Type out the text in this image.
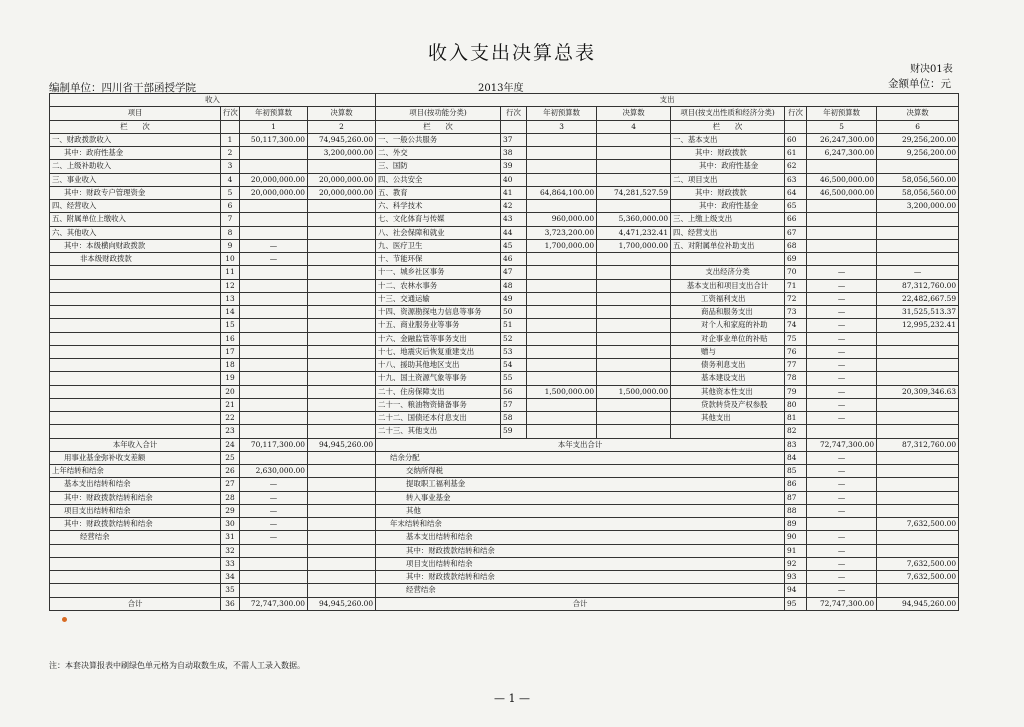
收入支出决算总表
财决01表
编制单位：四川省干部函授学院	2013年度	金额单位：元
收入				支出							
项目	行次	年初预算数	决算数	项目(按功能分类)	行次	年初预算数	决算数	项目(按支出性质和经济分类)	行次	年初预算数	决算数
栏　　次		1	2	栏　　次		3	4	栏　　次		5	6
一、财政拨款收入	1	50,117,300.00	74,945,260.00	一、一般公共服务	37			一、基本支出	60	26,247,300.00	29,256,200.00
其中：政府性基金	2		3,200,000.00	二、外交	38			其中：财政拨款	61	6,247,300.00	9,256,200.00
二、上级补助收入	3			三、国防	39			其中：政府性基金	62		
三、事业收入	4	20,000,000.00	20,000,000.00	四、公共安全	40			二、项目支出	63	46,500,000.00	58,056,560.00
其中：财政专户管理资金	5	20,000,000.00	20,000,000.00	五、教育	41	64,864,100.00	74,281,527.59	其中：财政拨款	64	46,500,000.00	58,056,560.00
四、经营收入	6			六、科学技术	42			其中：政府性基金	65		3,200,000.00
五、附属单位上缴收入	7			七、文化体育与传媒	43	960,000.00	5,360,000.00	三、上缴上级支出	66		
六、其他收入	8			八、社会保障和就业	44	3,723,200.00	4,471,232.41	四、经营支出	67		
其中：本级横向财政拨款	9	—		九、医疗卫生	45	1,700,000.00	1,700,000.00	五、对附属单位补助支出	68		
非本级财政拨款	10	—		十、节能环保	46				69		
	11			十一、城乡社区事务	47			支出经济分类	70	—	—
	12			十二、农林水事务	48			基本支出和项目支出合计	71	—	87,312,760.00
	13			十三、交通运输	49			工资福利支出	72	—	22,482,667.59
	14			十四、资源勘探电力信息等事务	50			商品和服务支出	73	—	31,525,513.37
	15			十五、商业服务业等事务	51			对个人和家庭的补助	74	—	12,995,232.41
	16			十六、金融监管等事务支出	52			对企事业单位的补贴	75	—	
	17			十七、地震灾后恢复重建支出	53			赠与	76	—	
	18			十八、援助其他地区支出	54			债务利息支出	77	—	
	19			十九、国土资源气象等事务	55			基本建设支出	78	—	
	20			二十、住房保障支出	56	1,500,000.00	1,500,000.00	其他资本性支出	79	—	20,309,346.63
	21			二十一、粮油物资储备事务	57			贷款转贷及产权参股	80	—	
	22			二十二、国债还本付息支出	58			其他支出	81	—	
	23			二十三、其他支出	59				82		
本年收入合计	24	70,117,300.00	94,945,260.00	本年支出合计					83	72,747,300.00	87,312,760.00
用事业基金弥补收支差额	25			结余分配					84	—	
上年结转和结余	26	2,630,000.00		交纳所得税					85	—	
基本支出结转和结余	27	—		提取职工福利基金					86	—	
其中：财政拨款结转和结余	28	—		转入事业基金					87	—	
项目支出结转和结余	29	—		其他					88	—	
其中：财政拨款结转和结余	30	—		年末结转和结余					89		7,632,500.00
经营结余	31	—		基本支出结转和结余					90	—	
	32			其中：财政拨款结转和结余					91	—	
	33			项目支出结转和结余					92	—	7,632,500.00
	34			其中：财政拨款结转和结余					93	—	7,632,500.00
	35			经营结余					94	—	
合计	36	72,747,300.00	94,945,260.00	合计					95	72,747,300.00	94,945,260.00
注：本套决算报表中刷绿色单元格为自动取数生成，不需人工录入数据。
— 1 —
